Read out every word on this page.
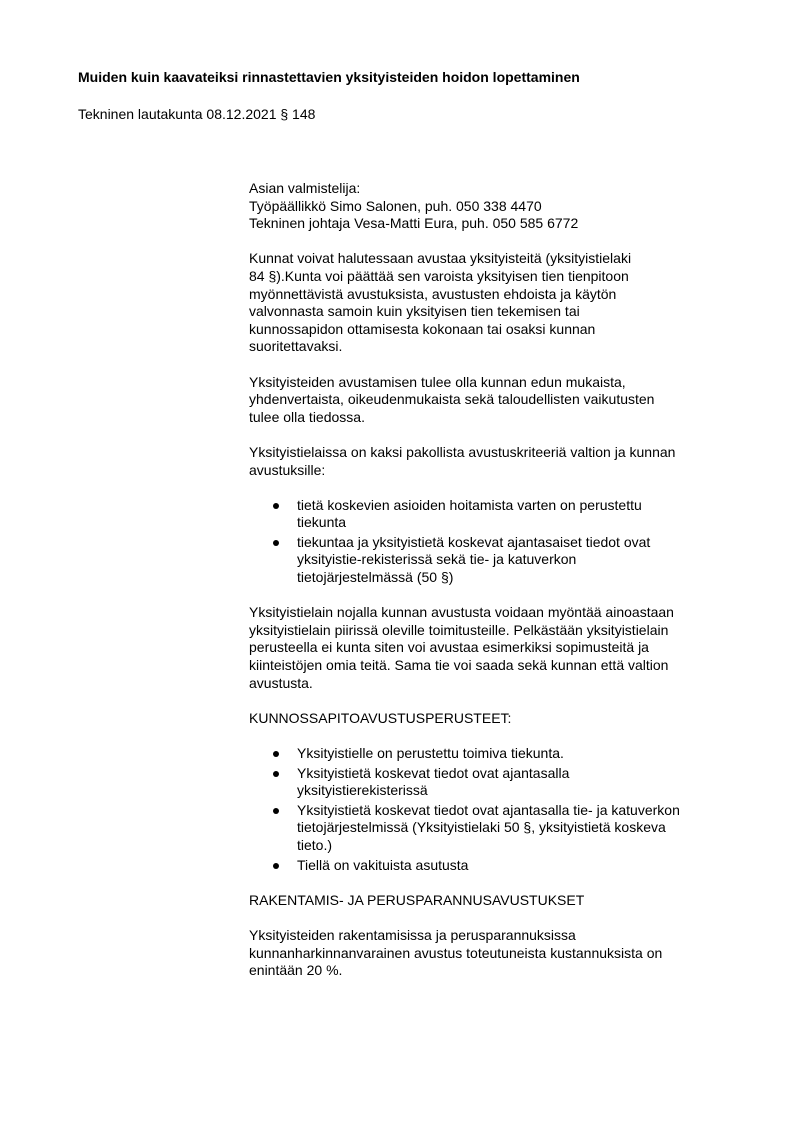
Muiden kuin kaavateiksi rinnastettavien yksityisteiden hoidon lopettaminen

Tekninen lautakunta 08.12.2021 § 148

Asian valmistelija:
Työpäällikkö Simo Salonen, puh. 050 338 4470
Tekninen johtaja Vesa-Matti Eura, puh. 050 585 6772

Kunnat voivat halutessaan avustaa yksityisteitä (yksityistielaki
84 §).Kunta voi päättää sen varoista yksityisen tien tienpitoon
myönnettävistä avustuksista, avustusten ehdoista ja käytön
valvonnasta samoin kuin yksityisen tien tekemisen tai
kunnossapidon ottamisesta kokonaan tai osaksi kunnan
suoritettavaksi.

Yksityisteiden avustamisen tulee olla kunnan edun mukaista,
yhdenvertaista, oikeudenmukaista sekä taloudellisten vaikutusten
tulee olla tiedossa.

Yksityistielaissa on kaksi pakollista avustuskriteeriä valtion ja kunnan
avustuksille:

tietä koskevien asioiden hoitamista varten on perustettu
tiekunta
tiekuntaa ja yksityistietä koskevat ajantasaiset tiedot ovat
yksityistie-rekisterissä sekä tie- ja katuverkon
tietojärjestelmässä (50 §)

Yksityistielain nojalla kunnan avustusta voidaan myöntää ainoastaan
yksityistielain piirissä oleville toimitusteille. Pelkästään yksityistielain
perusteella ei kunta siten voi avustaa esimerkiksi sopimusteitä ja
kiinteistöjen omia teitä. Sama tie voi saada sekä kunnan että valtion
avustusta.

KUNNOSSAPITOAVUSTUSPERUSTEET:

Yksityistielle on perustettu toimiva tiekunta.
Yksityistietä koskevat tiedot ovat ajantasalla
yksityistierekisterissä
Yksityistietä koskevat tiedot ovat ajantasalla tie- ja katuverkon
tietojärjestelmissä (Yksityistielaki 50 §, yksityistietä koskeva
tieto.)
Tiellä on vakituista asutusta

RAKENTAMIS- JA PERUSPARANNUSAVUSTUKSET

Yksityisteiden rakentamisissa ja perusparannuksissa
kunnanharkinnanvarainen avustus toteutuneista kustannuksista on
enintään 20 %.
